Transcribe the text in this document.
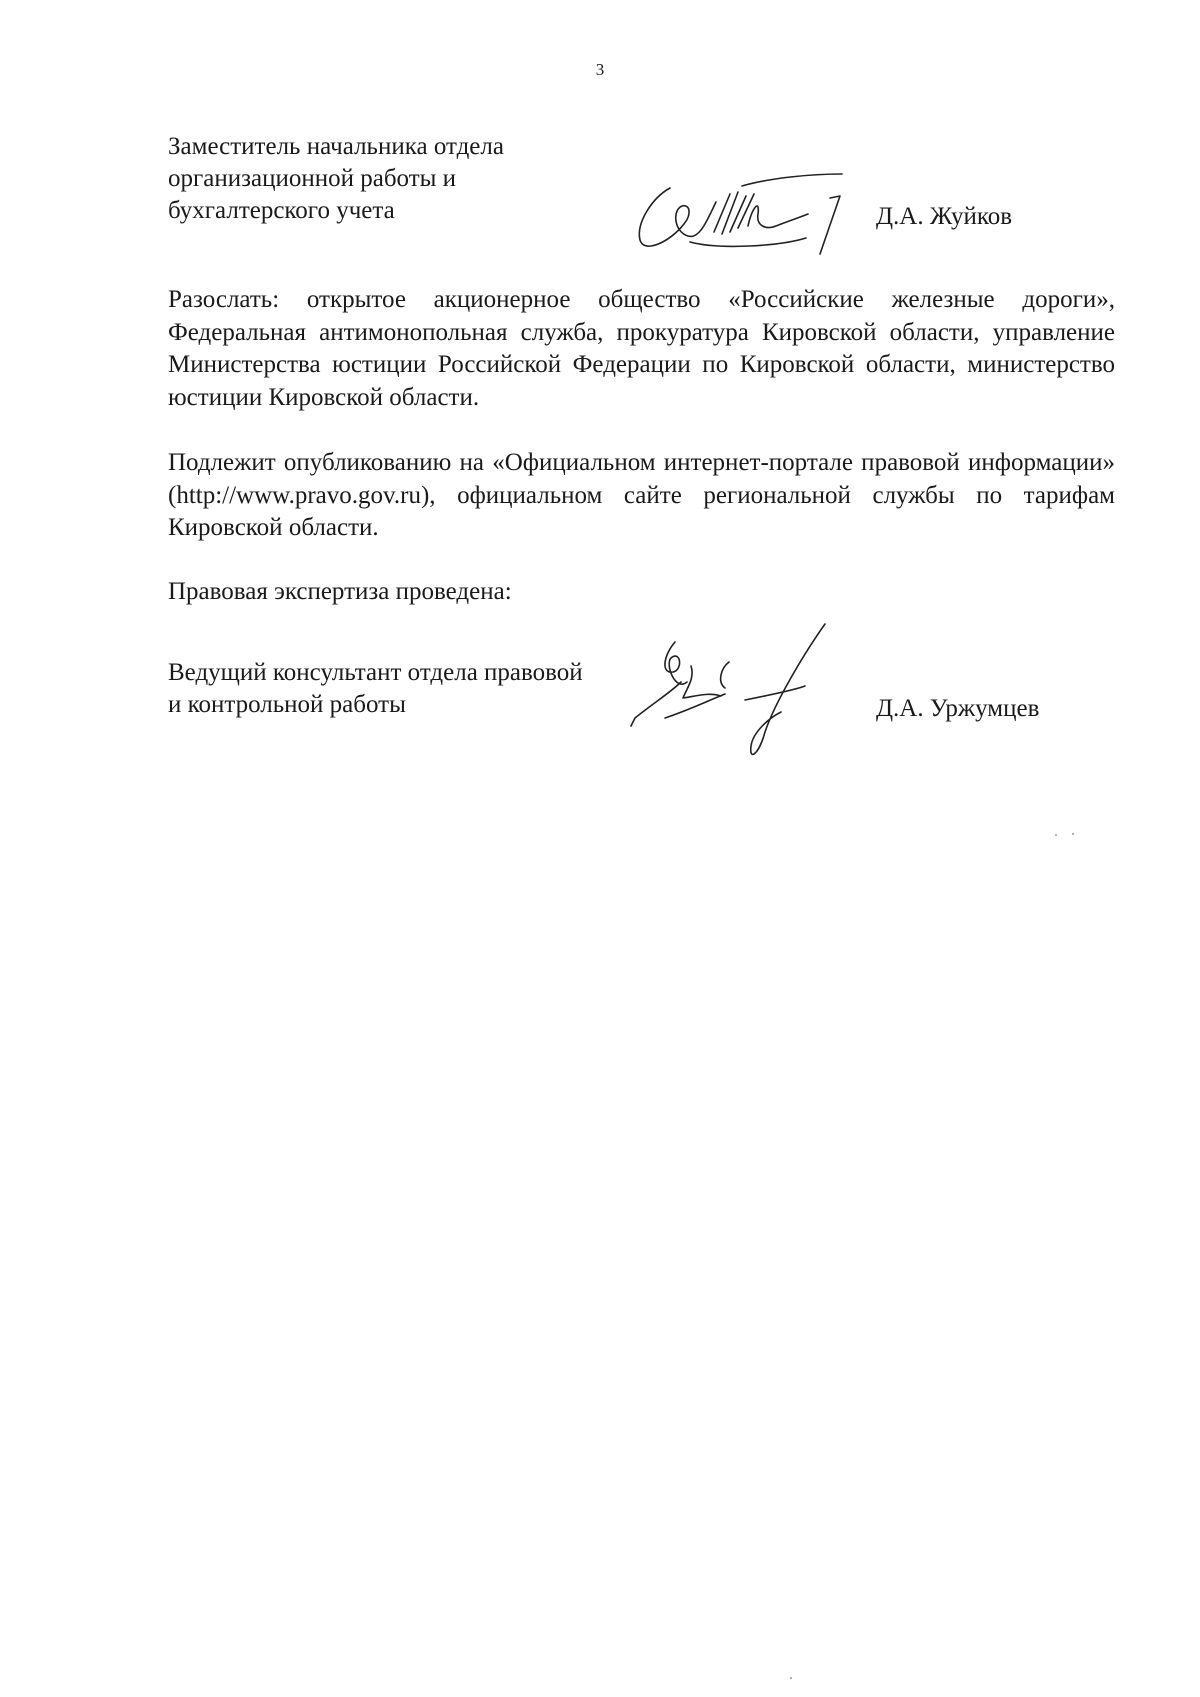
3
Заместитель начальника отдела
организационной работы и
бухгалтерского учета	Д.А. Жуйков

Разослать: открытое акционерное общество «Российские железные дороги», Федеральная антимонопольная служба, прокуратура Кировской области, управление Министерства юстиции Российской Федерации по Кировской области, министерство юстиции Кировской области.

Подлежит опубликованию на «Официальном интернет-портале правовой информации» (http://www.pravo.gov.ru), официальном сайте региональной службы по тарифам Кировской области.

Правовая экспертиза проведена:

Ведущий консультант отдела правовой
и контрольной работы	Д.А. Уржумцев
